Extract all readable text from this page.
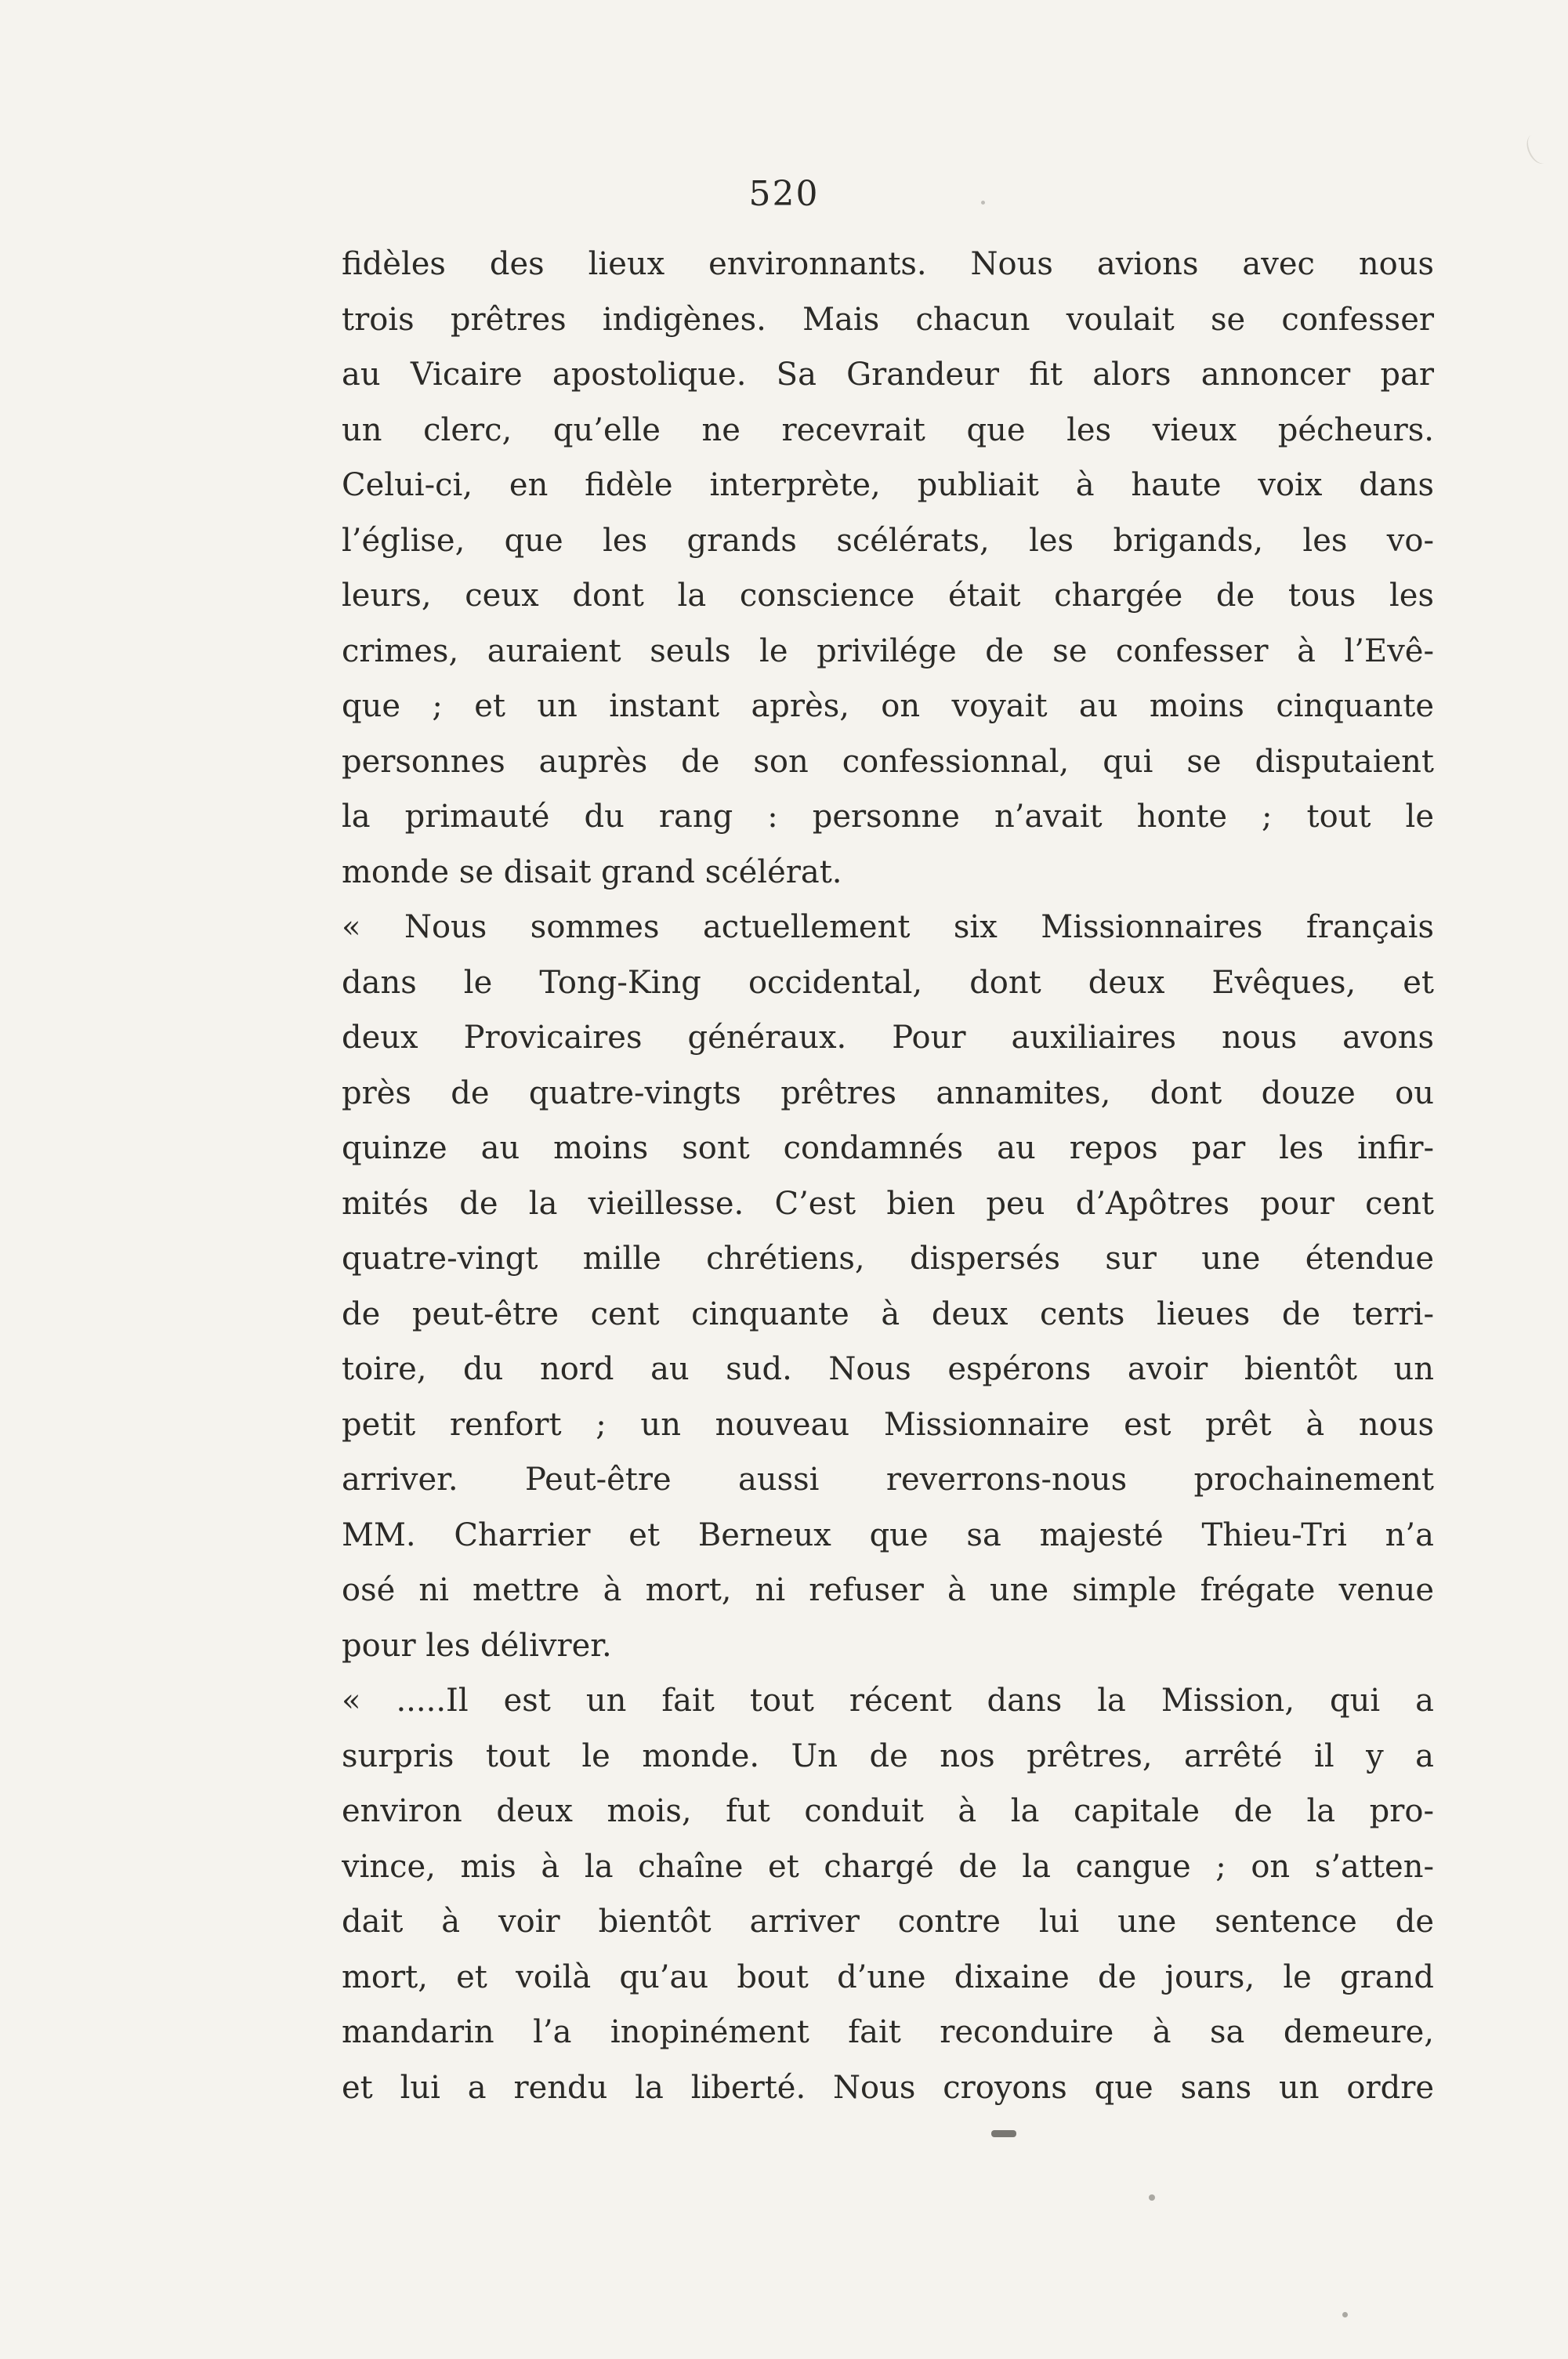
520
fidèles des lieux environnants. Nous avions avec nous
trois prêtres indigènes. Mais chacun voulait se confesser
au Vicaire apostolique. Sa Grandeur fit alors annoncer par
un clerc, qu’elle ne recevrait que les vieux pécheurs.
Celui-ci, en fidèle interprète, publiait à haute voix dans
l’église, que les grands scélérats, les brigands, les vo-
leurs, ceux dont la conscience était chargée de tous les
crimes, auraient seuls le privilége de se confesser à l’Evê-
que ; et un instant après, on voyait au moins cinquante
personnes auprès de son confessionnal, qui se disputaient
la primauté du rang : personne n’avait honte ; tout le
monde se disait grand scélérat.
« Nous sommes actuellement six Missionnaires français
dans le Tong-King occidental, dont deux Evêques, et
deux Provicaires généraux. Pour auxiliaires nous avons
près de quatre-vingts prêtres annamites, dont douze ou
quinze au moins sont condamnés au repos par les infir-
mités de la vieillesse. C’est bien peu d’Apôtres pour cent
quatre-vingt mille chrétiens, dispersés sur une étendue
de peut-être cent cinquante à deux cents lieues de terri-
toire, du nord au sud. Nous espérons avoir bientôt un
petit renfort ; un nouveau Missionnaire est prêt à nous
arriver. Peut-être aussi reverrons-nous prochainement
MM. Charrier et Berneux que sa majesté Thieu-Tri n’a
osé ni mettre à mort, ni refuser à une simple frégate venue
pour les délivrer.
« .....Il est un fait tout récent dans la Mission, qui a
surpris tout le monde. Un de nos prêtres, arrêté il y a
environ deux mois, fut conduit à la capitale de la pro-
vince, mis à la chaîne et chargé de la cangue ; on s’atten-
dait à voir bientôt arriver contre lui une sentence de
mort, et voilà qu’au bout d’une dixaine de jours, le grand
mandarin l’a inopinément fait reconduire à sa demeure,
et lui a rendu la liberté. Nous croyons que sans un ordre
